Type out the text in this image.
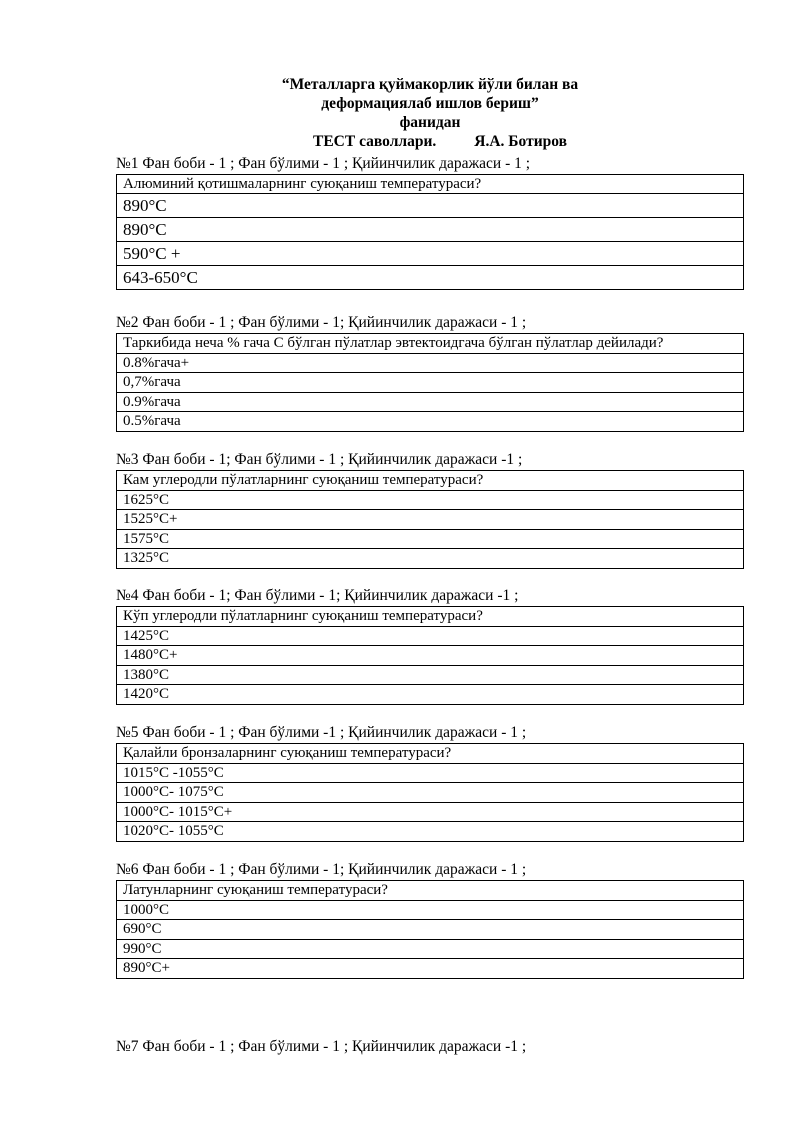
“Металларга қуймакорлик йўли билан ва
деформациялаб ишлов бериш”
фанидан
ТЕСТ саволлари. Я.А. Ботиров
№1 Фан боби - 1 ; Фан бўлими - 1 ; Қийинчилик даражаси - 1 ;
Алюминий қотишмаларнинг суюқаниш температураси?
890°С
890°С
590°С +
643-650°С
№2 Фан боби - 1 ; Фан бўлими - 1; Қийинчилик даражаси - 1 ;
Таркибида неча % гача С бўлган пўлатлар эвтектоидгача бўлган пўлатлар дейилади?
0.8%гача+
0,7%гача
0.9%гача
0.5%гача
№3 Фан боби - 1; Фан бўлими - 1 ; Қийинчилик даражаси -1 ;
Кам углеродли пўлатларнинг суюқаниш температураси?
1625°С
1525°С+
1575°С
1325°С
№4 Фан боби - 1; Фан бўлими - 1; Қийинчилик даражаси -1 ;
Кўп углеродли пўлатларнинг суюқаниш температураси?
1425°С
1480°С+
1380°С
1420°С
№5 Фан боби - 1 ; Фан бўлими -1 ; Қийинчилик даражаси - 1 ;
Қалайли бронзаларнинг суюқаниш температураси?
1015°С -1055°С
1000°С- 1075°С
1000°С- 1015°С+
1020°С- 1055°С
№6 Фан боби - 1 ; Фан бўлими - 1; Қийинчилик даражаси - 1 ;
Латунларнинг суюқаниш температураси?
1000°С
690°С
990°С
890°С+
№7 Фан боби - 1 ; Фан бўлими - 1 ; Қийинчилик даражаси -1 ;
